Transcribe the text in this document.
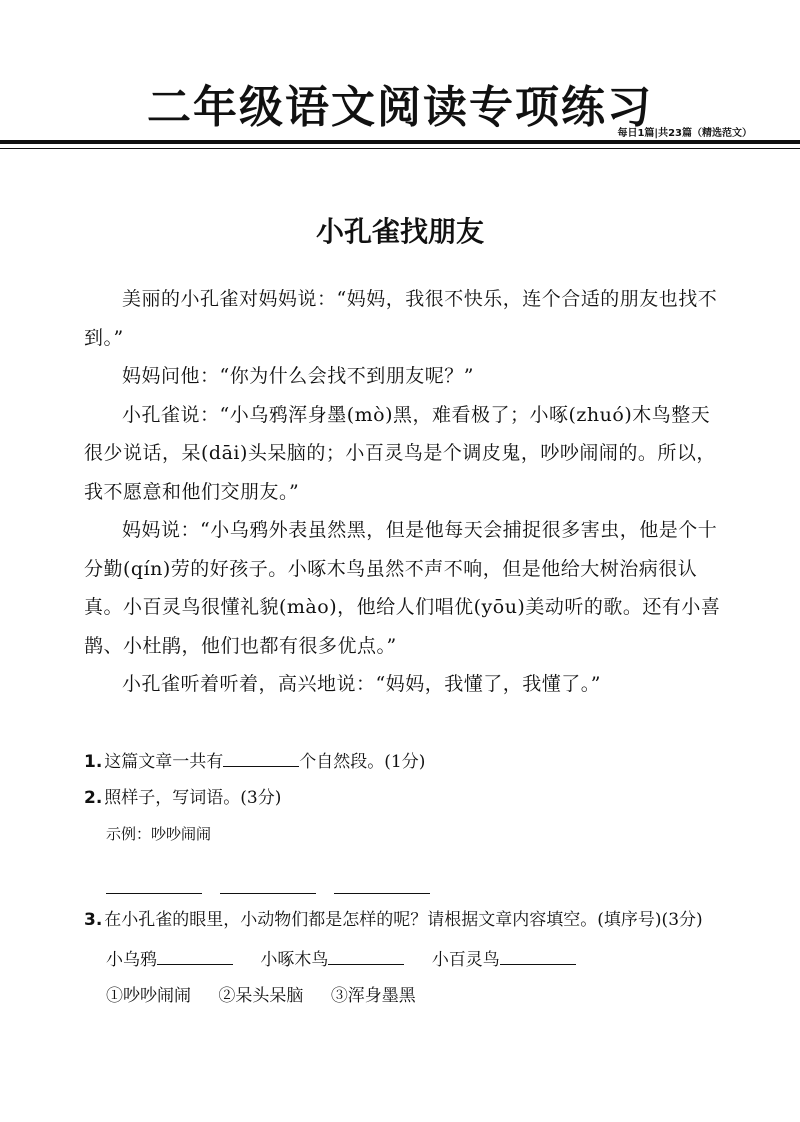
二年级语文阅读专项练习
每日1篇|共23篇（精选范文）
小孔雀找朋友

美丽的小孔雀对妈妈说：“妈妈，我很不快乐，连个合适的朋友也找不到。”

妈妈问他：“你为什么会找不到朋友呢？”

小孔雀说：“小乌鸦浑身墨(mò)黑，难看极了；小啄(zhuó)木鸟整天很少说话，呆(dāi)头呆脑的；小百灵鸟是个调皮鬼，吵吵闹闹的。所以，我不愿意和他们交朋友。”

妈妈说：“小乌鸦外表虽然黑，但是他每天会捕捉很多害虫，他是个十分勤(qín)劳的好孩子。小啄木鸟虽然不声不响，但是他给大树治病很认真。小百灵鸟很懂礼貌(mào)，他给人们唱优(yōu)美动听的歌。还有小喜鹊、小杜鹃，他们也都有很多优点。”

小孔雀听着听着，高兴地说：“妈妈，我懂了，我懂了。”

1. 这篇文章一共有	个自然段。(1分)

2. 照样子，写词语。(3分)

示例：吵吵闹闹

3. 在小孔雀的眼里，小动物们都是怎样的呢？请根据文章内容填空。(填序号)(3分)

小乌鸦	小啄木鸟	小百灵鸟

①吵吵闹闹 ②呆头呆脑 ③浑身墨黑
